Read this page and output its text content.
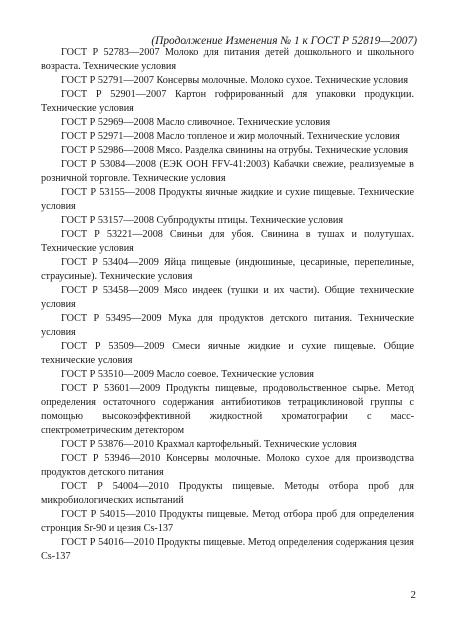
(Продолжение Изменения № 1 к ГОСТ Р 52819—2007)

ГОСТ Р 52783—2007 Молоко для питания детей дошкольного и школьного возраста. Технические условия

ГОСТ Р 52791—2007 Консервы молочные. Молоко сухое. Технические условия

ГОСТ Р 52901—2007 Картон гофрированный для упаковки продукции. Технические условия

ГОСТ Р 52969—2008 Масло сливочное. Технические условия

ГОСТ Р 52971—2008 Масло топленое и жир молочный. Технические условия

ГОСТ Р 52986—2008 Мясо. Разделка свинины на отрубы. Технические условия

ГОСТ Р 53084—2008 (ЕЭК ООН FFV-41:2003) Кабачки свежие, реализуемые в розничной торговле. Технические условия

ГОСТ Р 53155—2008 Продукты яичные жидкие и сухие пищевые. Технические условия

ГОСТ Р 53157—2008 Субпродукты птицы. Технические условия

ГОСТ Р 53221—2008 Свиньи для убоя. Свинина в тушах и полутушах. Технические условия

ГОСТ Р 53404—2009 Яйца пищевые (индюшиные, цесариные, перепелиные, страусиные). Технические условия

ГОСТ Р 53458—2009 Мясо индеек (тушки и их части). Общие технические условия

ГОСТ Р 53495—2009 Мука для продуктов детского питания. Технические условия

ГОСТ Р 53509—2009 Смеси яичные жидкие и сухие пищевые. Общие технические условия

ГОСТ Р 53510—2009 Масло соевое. Технические условия

ГОСТ Р 53601—2009 Продукты пищевые, продовольственное сырье. Метод определения остаточного содержания антибиотиков тетрациклиновой группы с помощью высокоэффективной жидкостной хроматографии с масс-спектрометрическим детектором

ГОСТ Р 53876—2010 Крахмал картофельный. Технические условия

ГОСТ Р 53946—2010 Консервы молочные. Молоко сухое для производства продуктов детского питания

ГОСТ Р 54004—2010 Продукты пищевые. Методы отбора проб для микробиологических испытаний

ГОСТ Р 54015—2010 Продукты пищевые. Метод отбора проб для определения стронция Sr-90 и цезия Cs-137

ГОСТ Р 54016—2010 Продукты пищевые. Метод определения содержания цезия Cs-137

2
